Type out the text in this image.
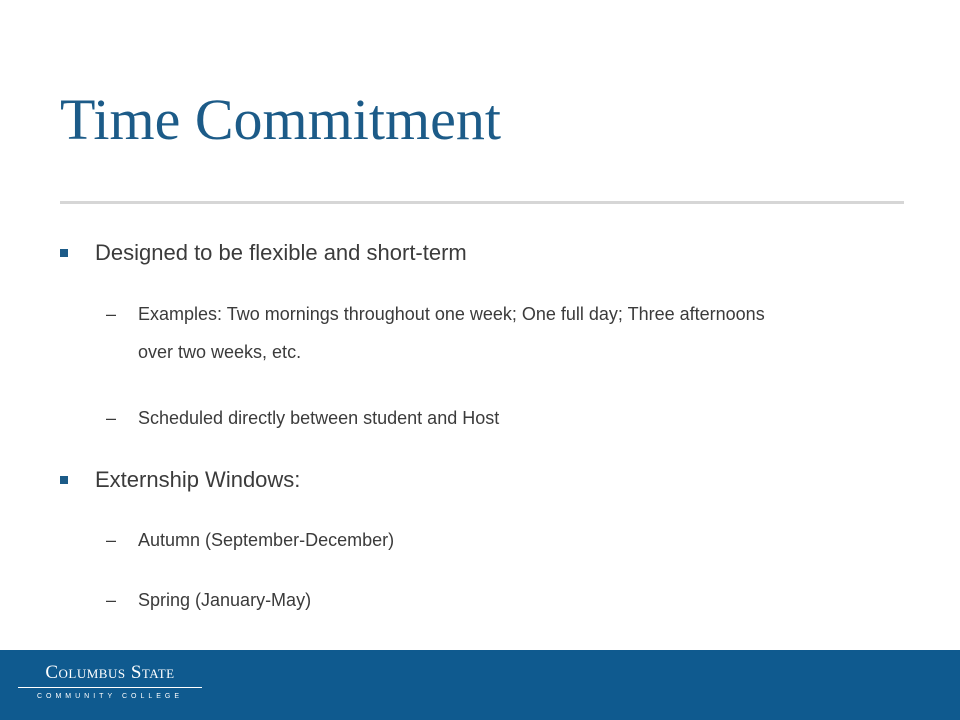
Time Commitment
Designed to be flexible and short-term
–	Examples: Two mornings throughout one week; One full day; Three afternoons over two weeks, etc.
–	Scheduled directly between student and Host
Externship Windows:
–	Autumn (September-December)
–	Spring (January-May)
Columbus State
COMMUNITY COLLEGE
